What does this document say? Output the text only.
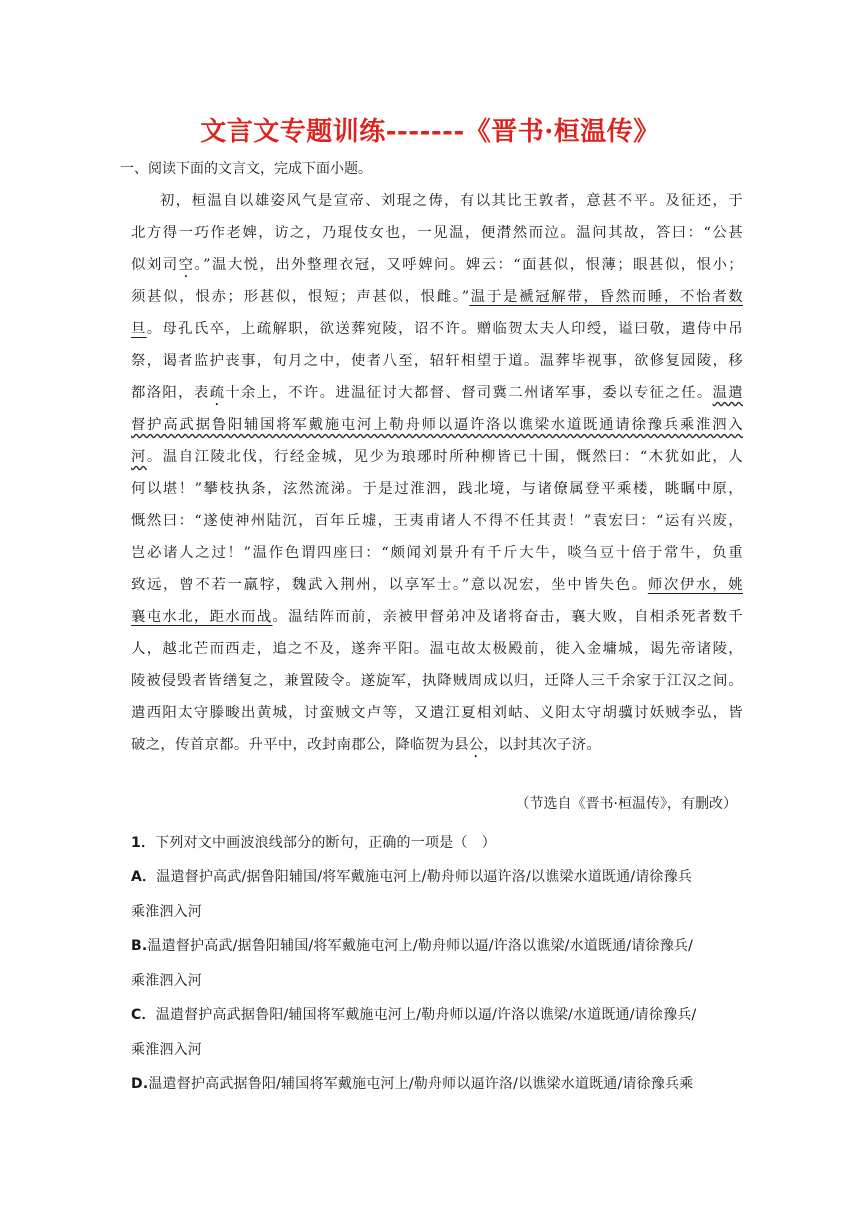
文言文专题训练-------《晋书·桓温传》
一、阅读下面的文言文，完成下面小题。
初，桓温自以雄姿风气是宣帝、刘琨之俦，有以其比王敦者，意甚不平。及征还，于
北方得一巧作老婢，访之，乃琨伎女也，一见温，便潸然而泣。温问其故，答曰：“公甚
似刘司空。”温大悦，出外整理衣冠，又呼婢问。婢云：“面甚似，恨薄；眼甚似，恨小；
须甚似，恨赤；形甚似，恨短；声甚似，恨雌。”温于是褫冠解带，昏然而睡，不怡者数
旦。母孔氏卒，上疏解职，欲送葬宛陵，诏不许。赠临贺太夫人印绶，谥曰敬，遣侍中吊
祭，谒者监护丧事，旬月之中，使者八至，轺轩相望于道。温葬毕视事，欲修复园陵，移
都洛阳，表疏十余上，不许。进温征讨大都督、督司冀二州诸军事，委以专征之任。温遣
督护高武据鲁阳辅国将军戴施屯河上勒舟师以逼许洛以谯梁水道既通请徐豫兵乘淮泗入
河。温自江陵北伐，行经金城，见少为琅琊时所种柳皆已十围，慨然曰：“木犹如此，人
何以堪！”攀枝执条，泫然流涕。于是过淮泗，践北境，与诸僚属登平乘楼，眺瞩中原，
慨然曰：“遂使神州陆沉，百年丘墟，王夷甫诸人不得不任其责！”袁宏曰：“运有兴废，
岂必诸人之过！”温作色谓四座曰：“颇闻刘景升有千斤大牛，啖刍豆十倍于常牛，负重
致远，曾不若一羸牸，魏武入荆州，以享军士。”意以况宏，坐中皆失色。师次伊水，姚
襄屯水北，距水而战。温结阵而前，亲被甲督弟冲及诸将奋击，襄大败，自相杀死者数千
人，越北芒而西走，追之不及，遂奔平阳。温屯故太极殿前，徙入金墉城，谒先帝诸陵，
陵被侵毁者皆缮复之，兼置陵令。遂旋军，执降贼周成以归，迁降人三千余家于江汉之间。
遣西阳太守滕畯出黄城，讨蛮贼文卢等，又遣江夏相刘岵、义阳太守胡骥讨妖贼李弘，皆
破之，传首京都。升平中，改封南郡公，降临贺为县公，以封其次子济。
（节选自《晋书·桓温传》，有删改）
1．下列对文中画波浪线部分的断句，正确的一项是（　）
A．温遣督护高武/据鲁阳辅国/将军戴施屯河上/勒舟师以逼许洛/以谯梁水道既通/请徐豫兵
乘淮泗入河
B.温遣督护高武/据鲁阳辅国/将军戴施屯河上/勒舟师以逼/许洛以谯梁/水道既通/请徐豫兵/
乘淮泗入河
C．温遣督护高武据鲁阳/辅国将军戴施屯河上/勒舟师以逼/许洛以谯梁/水道既通/请徐豫兵/
乘淮泗入河
D.温遣督护高武据鲁阳/辅国将军戴施屯河上/勒舟师以逼许洛/以谯梁水道既通/请徐豫兵乘
